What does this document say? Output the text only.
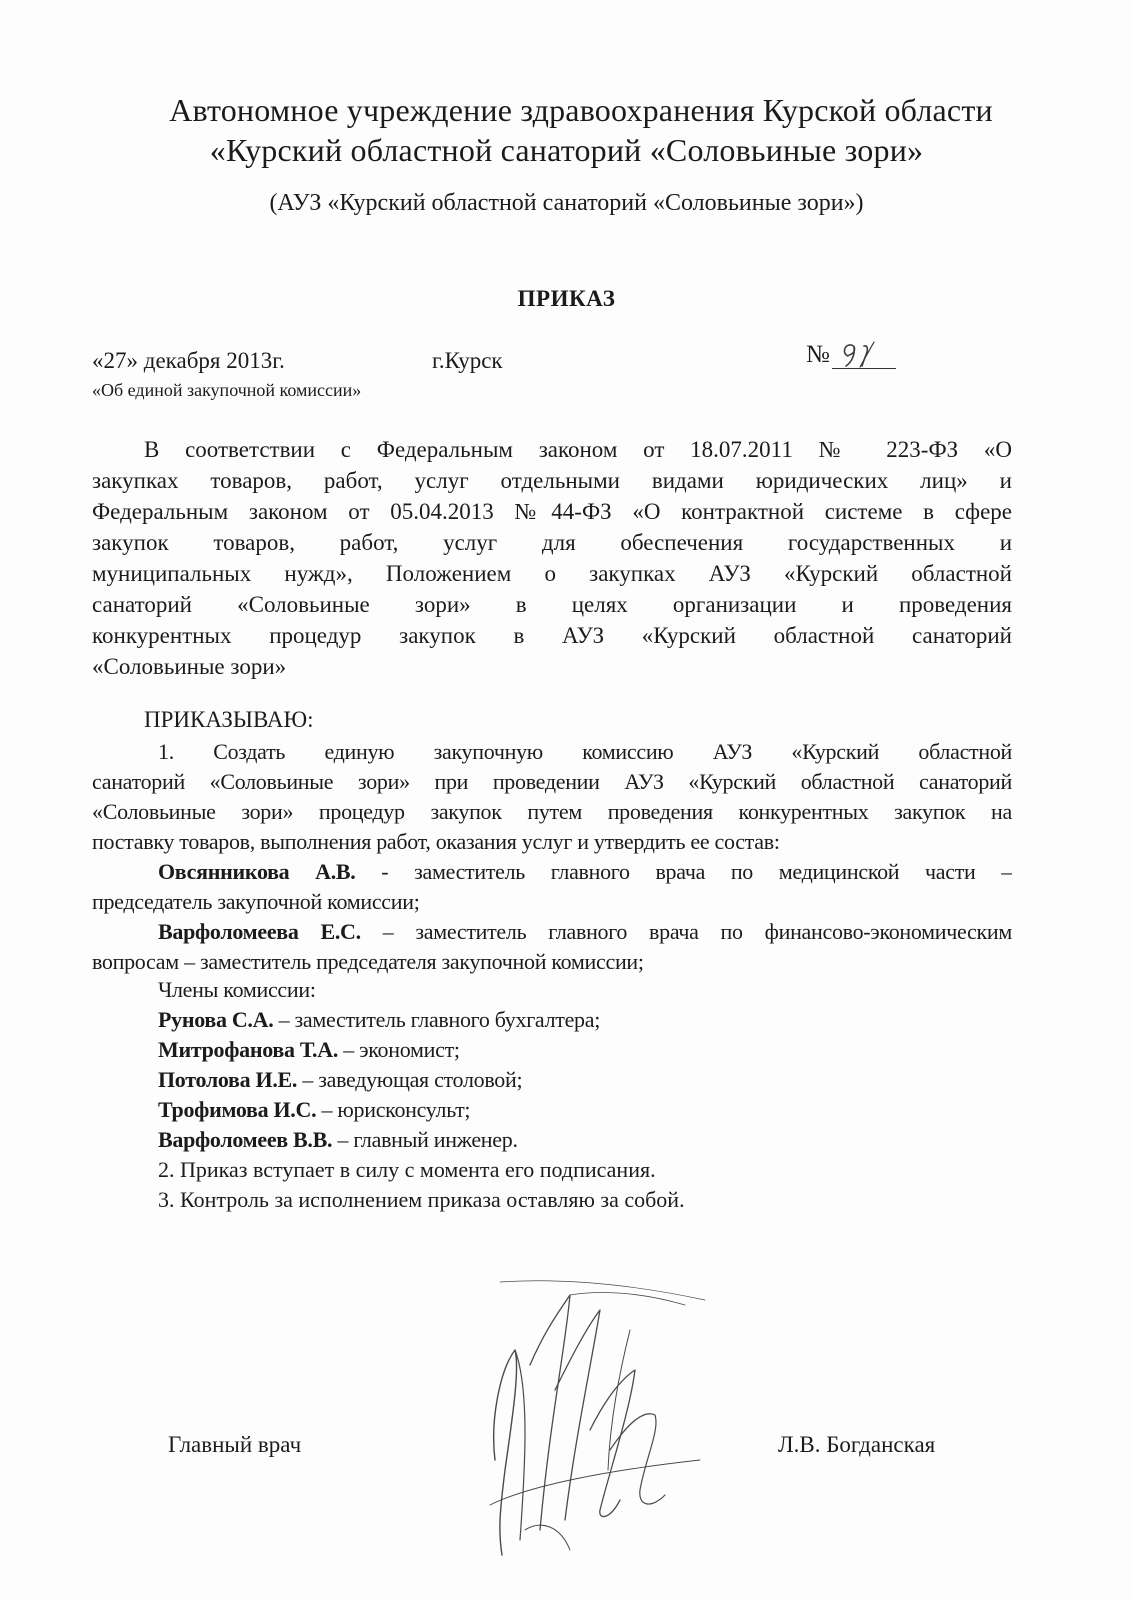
Автономное учреждение здравоохранения Курской области
«Курский областной санаторий «Соловьиные зори»
(АУЗ «Курский областной санаторий «Соловьиные зори»)
ПРИКАЗ
«27» декабря 2013г.	г.Курск	№
«Об единой закупочной комиссии»
В соответствии с Федеральным законом от 18.07.2011 № 223-ФЗ «О
закупках товаров, работ, услуг отдельными видами юридических лиц» и
Федеральным законом от 05.04.2013 №44-ФЗ «О контрактной системе в сфере
закупок товаров, работ, услуг для обеспечения государственных и
муниципальных нужд», Положением о закупках АУЗ «Курский областной
санаторий «Соловьиные зори» в целях организации и проведения
конкурентных процедур закупок в АУЗ «Курский областной санаторий
«Соловьиные зори»
ПРИКАЗЫВАЮ:
1. Создать единую закупочную комиссию АУЗ «Курский областной
санаторий «Соловьиные зори» при проведении АУЗ «Курский областной санаторий
«Соловьиные зори» процедур закупок путем проведения конкурентных закупок на
поставку товаров, выполнения работ, оказания услуг и утвердить ее состав:
Овсянникова А.В. - заместитель главного врача по медицинской части –
председатель закупочной комиссии;
Варфоломеева Е.С. – заместитель главного врача по финансово-экономическим
вопросам – заместитель председателя закупочной комиссии;
Члены комиссии:
Рунова С.А. – заместитель главного бухгалтера;
Митрофанова Т.А. – экономист;
Потолова И.Е. – заведующая столовой;
Трофимова И.С. – юрисконсульт;
Варфоломеев В.В. – главный инженер.
2. Приказ вступает в силу с момента его подписания.
3. Контроль за исполнением приказа оставляю за собой.
Главный врач	Л.В. Богданская
